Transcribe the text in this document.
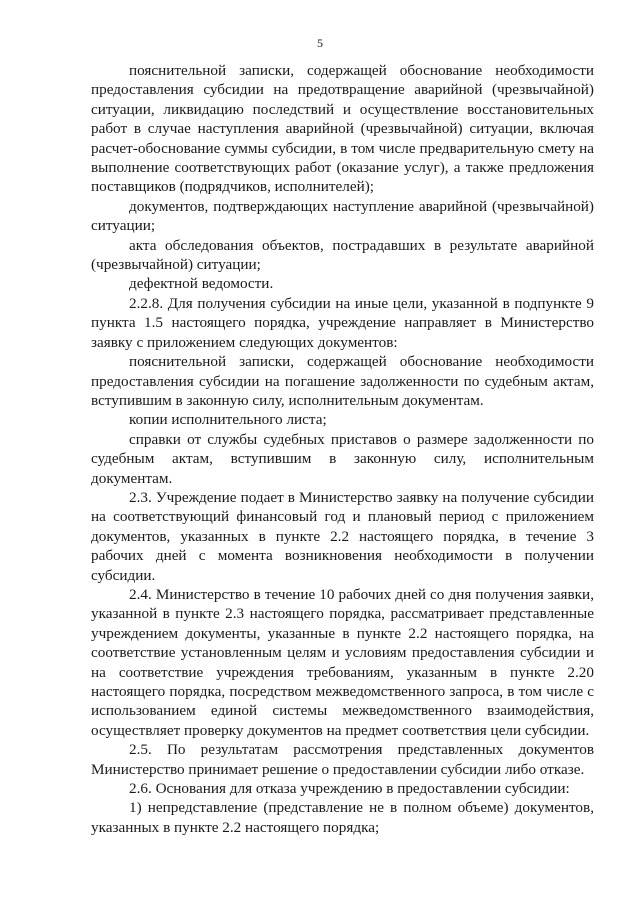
5

пояснительной записки, содержащей обоснование необходимости предоставления субсидии на предотвращение аварийной (чрезвычайной) ситуации, ликвидацию последствий и осуществление восстановительных работ в случае наступления аварийной (чрезвычайной) ситуации, включая расчет-обоснование суммы субсидии, в том числе предварительную смету на выполнение соответствующих работ (оказание услуг), а также предложения поставщиков (подрядчиков, исполнителей);

документов, подтверждающих наступление аварийной (чрезвычайной) ситуации;

акта обследования объектов, пострадавших в результате аварийной (чрезвычайной) ситуации;

дефектной ведомости.

2.2.8. Для получения субсидии на иные цели, указанной в подпункте 9 пункта 1.5 настоящего порядка, учреждение направляет в Министерство заявку с приложением следующих документов:

пояснительной записки, содержащей обоснование необходимости предоставления субсидии на погашение задолженности по судебным актам, вступившим в законную силу, исполнительным документам.

копии исполнительного листа;

справки от службы судебных приставов о размере задолженности по судебным актам, вступившим в законную силу, исполнительным документам.

2.3. Учреждение подает в Министерство заявку на получение субсидии на соответствующий финансовый год и плановый период с приложением документов, указанных в пункте 2.2 настоящего порядка, в течение 3 рабочих дней с момента возникновения необходимости в получении субсидии.

2.4. Министерство в течение 10 рабочих дней со дня получения заявки, указанной в пункте 2.3 настоящего порядка, рассматривает представленные учреждением документы, указанные в пункте 2.2 настоящего порядка, на соответствие установленным целям и условиям предоставления субсидии и на соответствие учреждения требованиям, указанным в пункте 2.20 настоящего порядка, посредством межведомственного запроса, в том числе с использованием единой системы межведомственного взаимодействия, осуществляет проверку документов на предмет соответствия цели субсидии.

2.5. По результатам рассмотрения представленных документов Министерство принимает решение о предоставлении субсидии либо отказе.

2.6. Основания для отказа учреждению в предоставлении субсидии:

1) непредставление (представление не в полном объеме) документов, указанных в пункте 2.2 настоящего порядка;
